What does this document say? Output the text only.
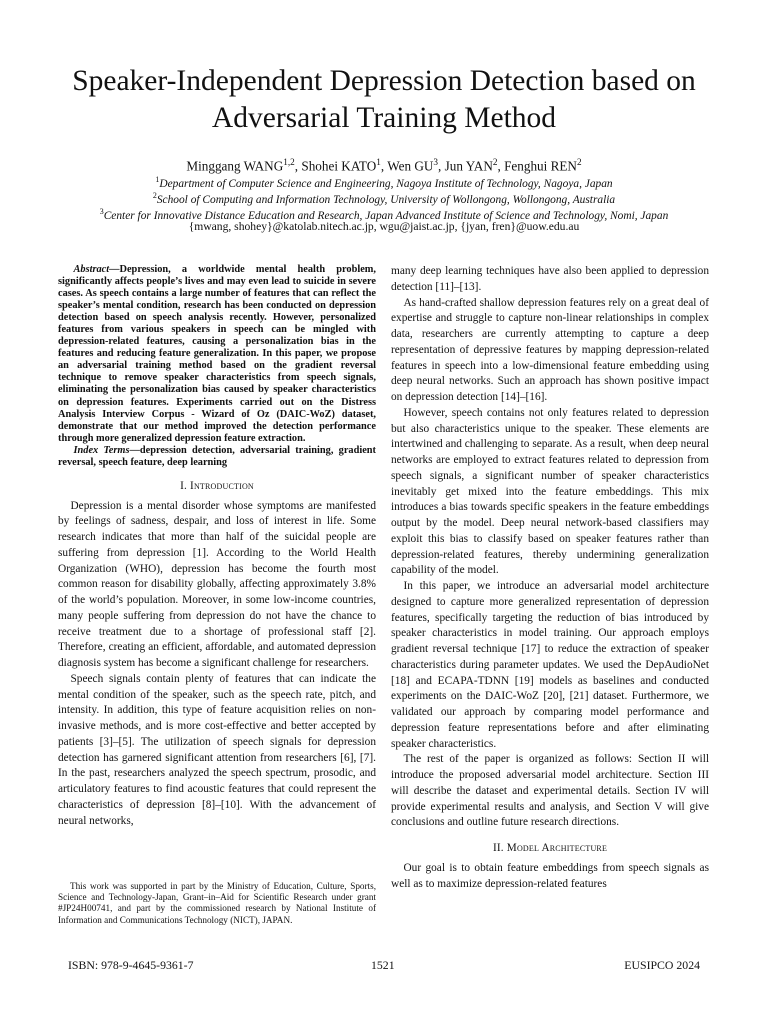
Speaker-Independent Depression Detection based on Adversarial Training Method
Minggang WANG$^{1,2}$, Shohei KATO$^1$, Wen $GU^3$, Jun YAN$^2$, Fenghui REN$^2$
$^1$Department of Computer Science and Engineering, Nagoya Institute of Technology, Nagoya, Japan
$^2$School of Computing and Information Technology, University of Wollongong, Wollongong, Australia
$^3$Center for Innovative Distance Education and Research, Japan Advanced Institute of Science and Technology, Nomi, Japan
{mwang, shohey}@katolab.nitech.ac.jp, wgu@jaist.ac.jp, {jyan, fren}@uow.edu.au

Abstract—Depression, a worldwide mental health problem, significantly affects people’s lives and may even lead to suicide in severe cases. As speech contains a large number of features that can reflect the speaker’s mental condition, research has been conducted on depression detection based on speech analysis recently. However, personalized features from various speakers in speech can be mingled with depression-related features, causing a personalization bias in the features and reducing feature generalization. In this paper, we propose an adversarial training method based on the gradient reversal technique to remove speaker characteristics from speech signals, eliminating the personalization bias caused by speaker characteristics on depression features. Experiments carried out on the Distress Analysis Interview Corpus - Wizard of Oz (DAIC-WoZ) dataset, demonstrate that our method improved the detection performance through more generalized depression feature extraction.

Index Terms—depression detection, adversarial training, gradient reversal, speech feature, deep learning

I. Introduction

Depression is a mental disorder whose symptoms are manifested by feelings of sadness, despair, and loss of interest in life. Some research indicates that more than half of the suicidal people are suffering from depression [1]. According to the World Health Organization (WHO), depression has become the fourth most common reason for disability globally, affecting approximately 3.8% of the world’s population. Moreover, in some low-income countries, many people suffering from depression do not have the chance to receive treatment due to a shortage of professional staff [2]. Therefore, creating an efficient, affordable, and automated depression diagnosis system has become a significant challenge for researchers.

Speech signals contain plenty of features that can indicate the mental condition of the speaker, such as the speech rate, pitch, and intensity. In addition, this type of feature acquisition relies on non-invasive methods, and is more cost-effective and better accepted by patients [3]–[5]. The utilization of speech signals for depression detection has garnered significant attention from researchers [6], [7]. In the past, researchers analyzed the speech spectrum, prosodic, and articulatory features to find acoustic features that could represent the characteristics of depression [8]–[10]. With the advancement of neural networks,

many deep learning techniques have also been applied to depression detection [11]–[13].

As hand-crafted shallow depression features rely on a great deal of expertise and struggle to capture non-linear relationships in complex data, researchers are currently attempting to capture a deep representation of depressive features by mapping depression-related features in speech into a low-dimensional feature embedding using deep neural networks. Such an approach has shown positive impact on depression detection [14]–[16].

However, speech contains not only features related to depression but also characteristics unique to the speaker. These elements are intertwined and challenging to separate. As a result, when deep neural networks are employed to extract features related to depression from speech signals, a significant number of speaker characteristics inevitably get mixed into the feature embeddings. This mix introduces a bias towards specific speakers in the feature embeddings output by the model. Deep neural network-based classifiers may exploit this bias to classify based on speaker features rather than depression-related features, thereby undermining generalization capability of the model.

In this paper, we introduce an adversarial model architecture designed to capture more generalized representation of depression features, specifically targeting the reduction of bias introduced by speaker characteristics in model training. Our approach employs gradient reversal technique [17] to reduce the extraction of speaker characteristics during parameter updates. We used the DepAudioNet [18] and ECAPA-TDNN [19] models as baselines and conducted experiments on the DAIC-WoZ [20], [21] dataset. Furthermore, we validated our approach by comparing model performance and depression feature representations before and after eliminating speaker characteristics.

The rest of the paper is organized as follows: Section II will introduce the proposed adversarial model architecture. Section III will describe the dataset and experimental details. Section IV will provide experimental results and analysis, and Section V will give conclusions and outline future research directions.

II. Model Architecture

Our goal is to obtain feature embeddings from speech signals as well as to maximize depression-related features

This work was supported in part by the Ministry of Education, Culture, Sports, Science and Technology-Japan, Grant–in–Aid for Scientific Research under grant #JP24H00741, and part by the commissioned research by National Institute of Information and Communications Technology (NICT), JAPAN.
ISBN: 978-9-4645-9361-7	1521	EUSIPCO 2024
